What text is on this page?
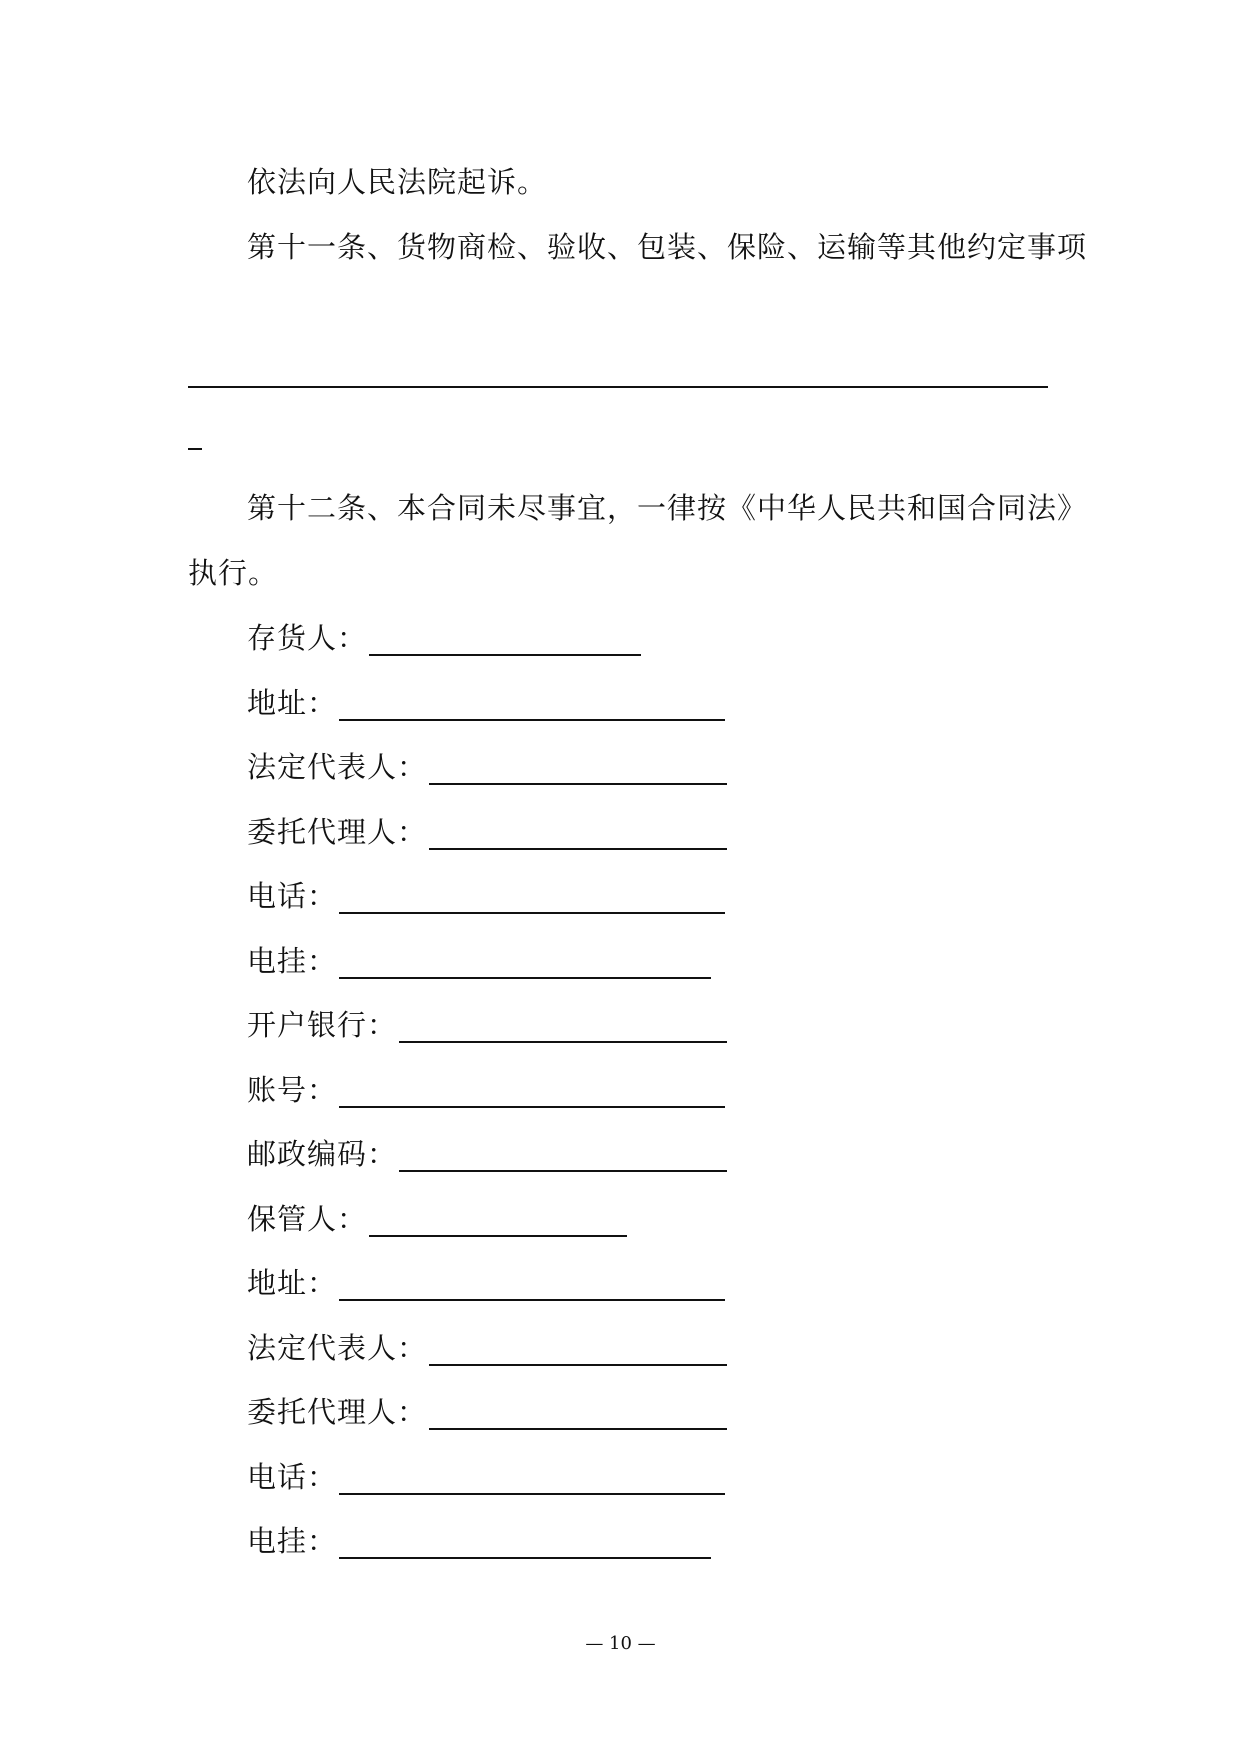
依法向人民法院起诉。
第十一条、货物商检、验收、包装、保险、运输等其他约定事项
第十二条、本合同未尽事宜，一律按《中华人民共和国合同法》
执行。
存货人：
地址：
法定代表人：
委托代理人：
电话：
电挂：
开户银行：
账号：
邮政编码：
保管人：
地址：
法定代表人：
委托代理人：
电话：
电挂：
— 10 —
